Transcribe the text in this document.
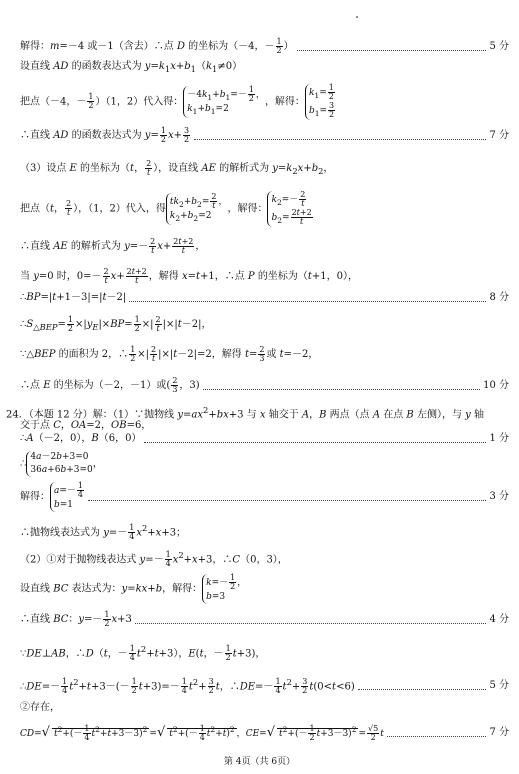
解得：m=－4 或－1（含去）∴点 D 的坐标为（－4，－ $\frac{1}{2}$ ）	5 分
设直线 AD 的函数表达式为 $y=k_1x+b_1(k_1\ne 0)$
把点（－4，－ $\frac{1}{2} )(1$，2）代入得：
$-4k_1+b_1=- \frac{1}{2}$ ，
$k_1+b_1=2$
，解得：
$k_1= \frac{1}{2}$
$b_1= \frac{3}{2}$
∴直线 AD 的函数表达式为 $y= \frac{1}{2} x+ \frac{3}{2}$	7 分
（3）设点 E 的坐标为（t， $\frac{2}{t}$ ），设直线 AE 的解析式为 $y=k_2x+b_2$，
把点（t， $\frac{2}{t}$ ），（1，2）代入，得
$tk_2+b_2= \frac{2}{t}$ ，
$k_2+b_2=2$
，解得：
$k_2=- \frac{2}{t}$
$b_2= \frac{2t+2}{t}$
∴直线 AE 的解析式为 $y=- \frac{2}{t} x+ \frac{2t+2}{t}$ ，
当 y=0 时，$0=- \frac{2}{t} x+ \frac{2t+2}{t}$ ，解得 x=t+1，∴点 P 的坐标为（t+1，0），
∴BP=|t+1－3|=|t－2|	8 分
$\therefore S_{\triangle BEP}= \frac{1}{2} \times|y_E|\times BP= \frac{1}{2}$ ×| $\frac{2}{t} |\times|t-2|$，
∵△BEP 的面积为 2，∴ $\frac{1}{2}$ ×| $\frac{2}{t} |\times|t-2|=2$，解得 $t= \frac{2}{3}$ 或 t=－2，
∴点 E 的坐标为（－2，－1）或( $\frac{2}{3}$ ，3)	10 分
24．（本题 12 分）解：（1）∵抛物线 $y=ax^2+bx+3$ 与 x 轴交于 A，B 两点（点 A 在点 B 左侧），与 y 轴
交于点 C，OA=2，OB=6，
∴A（－2，0），B（6，0）	1 分
∴
4a－2b+3=0
36a+6b+3=0
，
解得：
$a=- \frac{1}{4}$
b=1
3 分
∴抛物线表达式为 $y=- \frac{1}{4} x^2+x+3$；
（2）①对于抛物线表达式 $y=- \frac{1}{4} x^2+x+3$，∴C（0，3），
设直线 BC 表达式为：y=kx+b，解得：
$k=- \frac{1}{2}$ ，
b=3
∴直线 BC：$y=- \frac{1}{2} x+3$	4 分
∵DE⊥AB，∴D（t，－ $\frac{1}{4} t^2+t+3$），E(t，－ $\frac{1}{2} t+3$)，
∴DE=－ $\frac{1}{4} t^2+t+3-(- \frac{1}{2} t+3)=- \frac{1}{4} t^2+ \frac{3}{2}$ t，∴DE=－ $\frac{1}{4} t^2+ \frac{3}{2} t(0<t<6)$	5 分
②存在，
CD=√ $t^2+(- \frac{1}{4} t^2+t+3-3)^2$ =√ $t^2+(- \frac{1}{4} t^2+t)^2$ ，CE=√ $t^2+(- \frac{1}{2} t+3-3)^2 = \frac{√5}{2}$ t	7 分
第 4页（共 6页）
